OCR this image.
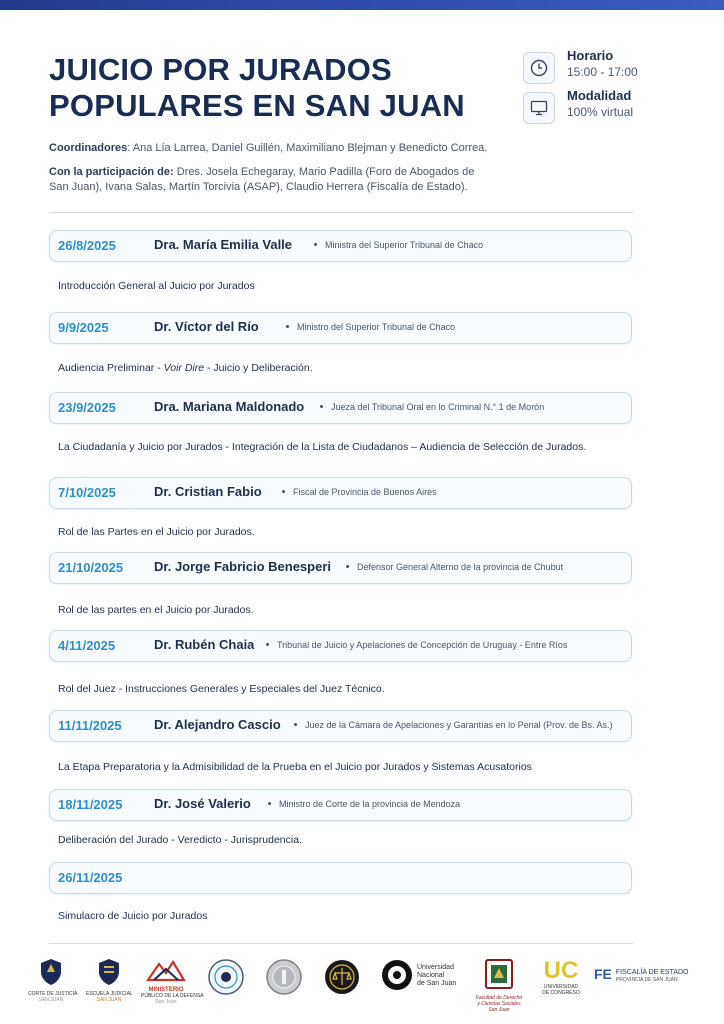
JUICIO POR JURADOS
POPULARES EN SAN JUAN
Horario
15:00 - 17:00
Modalidad
100% virtual

Coordinadores: Ana Lía Larrea, Daniel Guillén, Maximiliano Blejman y Benedicto Correa.

Con la participación de: Dres. Josela Echegaray, Mario Padilla (Foro de Abogados de San Juan), Ivana Salas, Martín Torcivia (ASAP), Claudio Herrera (Fiscalía de Estado).

26/8/2025	Dra. María Emilia Valle	Ministra del Superior Tribunal de Chaco
Introducción General al Juicio por Jurados
9/9/2025	Dr. Víctor del Río	Ministro del Superior Tribunal de Chaco
Audiencia Preliminar - Voir Dire - Juicio y Deliberación.
23/9/2025	Dra. Mariana Maldonado	Jueza del Tribunal Oral en lo Criminal N.° 1 de Morón
La Ciudadanía y Juicio por Jurados - Integración de la Lista de Ciudadanos – Audiencia de Selección de Jurados.
7/10/2025	Dr. Cristian Fabio	Fiscal de Provincia de Buenos Aires
Rol de las Partes en el Juicio por Jurados.
21/10/2025 Dr. Jorge Fabricio Benesperi	Defensor General Alterno de la provincia de Chubut
Rol de las partes en el Juicio por Jurados.
4/11/2025	Dr. Rubén Chaia	Tribunal de Juicio y Apelaciones de Concepción de Uruguay - Entre Ríos
Rol del Juez - Instrucciones Generales y Especiales del Juez Técnico.
11/11/2025 Dr. Alejandro Cascio	Juez de la Cámara de Apelaciones y Garantías en lo Penal (Prov. de Bs. As.)
La Etapa Preparatoria y la Admisibilidad de la Prueba en el Juicio por Jurados y Sistemas Acusatorios
18/11/2025 Dr. José Valerio	Ministro de Corte de la provincia de Mendoza
Deliberación del Jurado - Veredicto - Jurisprudencia.
26/11/2025
Simulacro de Juicio por Jurados
CORTE DE JUSTICIA
SAN JUAN
ESCUELA JUDICIAL
SAN JUAN
MINISTERIO
PÚBLICO DE LA DEFENSA
San Juan
Universidad
Nacional
de San Juan
Facultad de Derecho
y Ciencias Sociales
San Juan
UC
UNIVERSIDAD
DE CONGRESO
FE FISCALÍA DE ESTADO
PROVINCIA DE SAN JUAN
